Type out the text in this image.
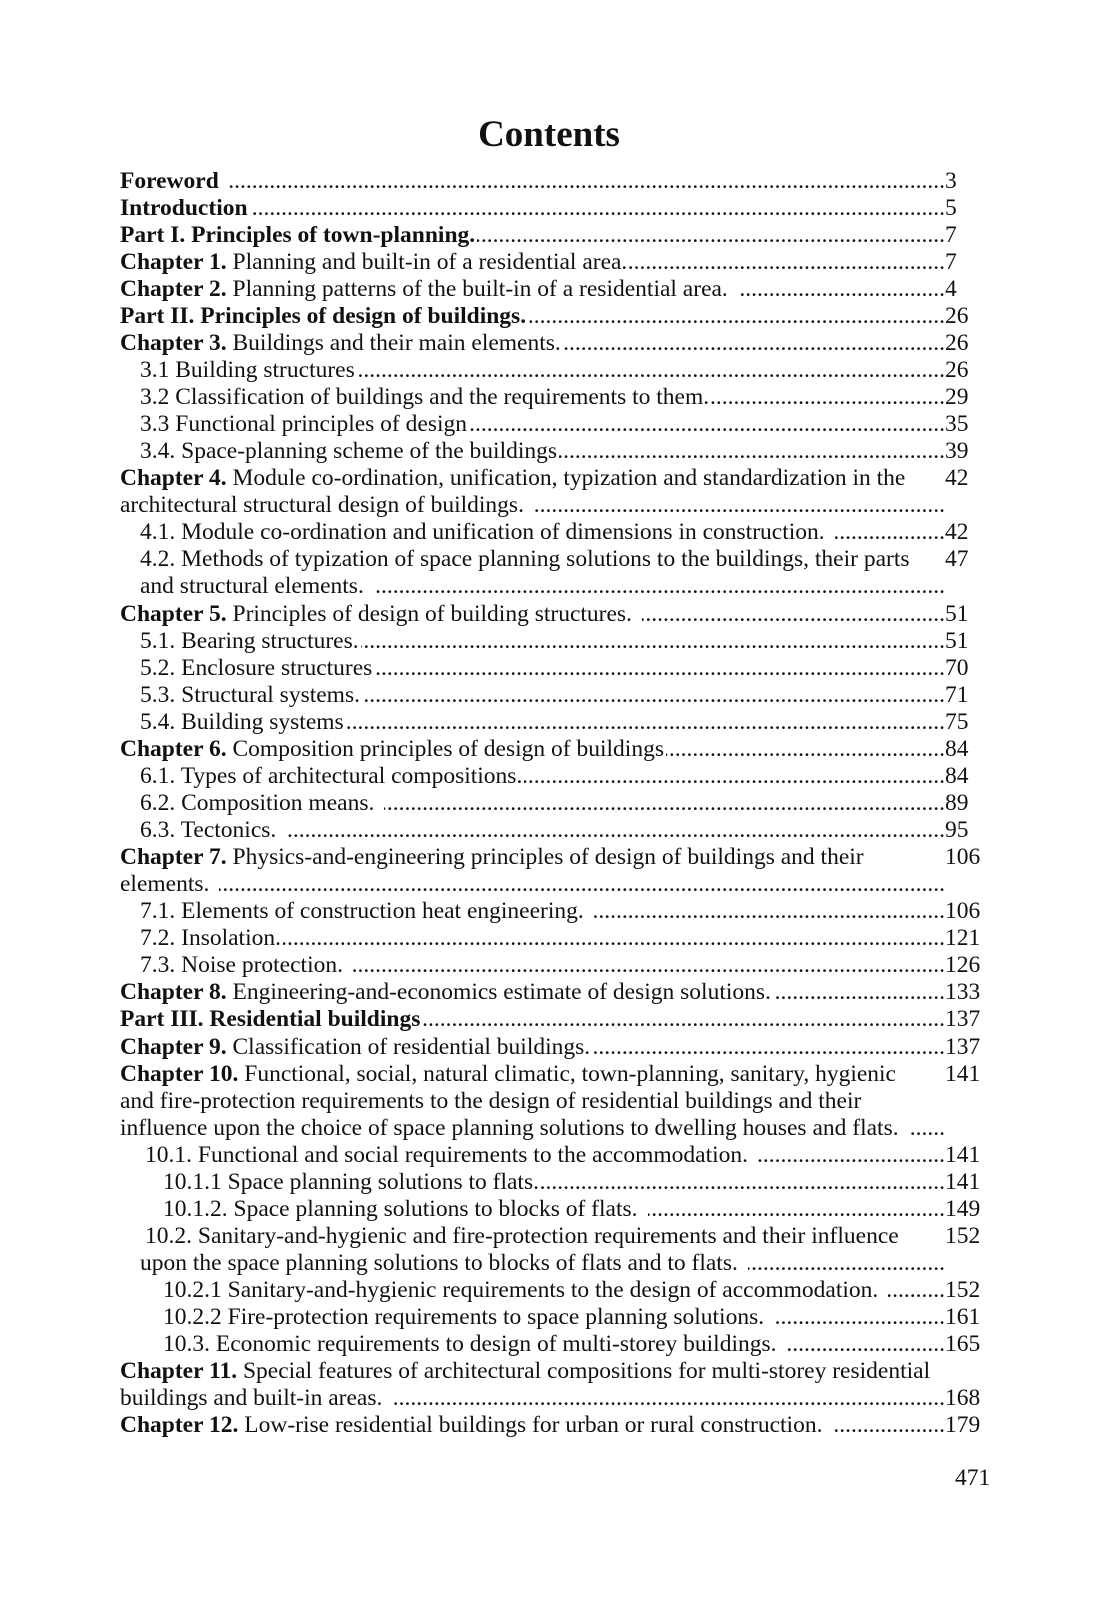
Contents
Foreword .....	3
Introduction .....	5
Part I. Principles of town-planning. .....	7
Chapter 1. Planning and built-in of a residential area. .....	7
Chapter 2. Planning patterns of the built-in of a residential area. .....	4
Part II. Principles of design of buildings. .....	26
Chapter 3. Buildings and their main elements. .....	26
3.1 Building structures .....	26
3.2 Classification of buildings and the requirements to them. .....	29
3.3 Functional principles of design .....	35
3.4. Space-planning scheme of the buildings .....	39
Chapter 4. Module co-ordination, unification, typization and standardization in the 42
architectural structural design of buildings.
.....
4.1. Module co-ordination and unification of dimensions in construction. .....	42
4.2. Methods of typization of space planning solutions to the buildings, their parts 47
and structural elements.
.....
Chapter 5. Principles of design of building structures. .....	51
5.1. Bearing structures. .....	51
5.2. Enclosure structures .....	70
5.3. Structural systems. .....	71
5.4. Building systems .....	75
Chapter 6. Composition principles of design of buildings .....	84
6.1. Types of architectural compositions. .....	84
6.2. Composition means. .....	89
6.3. Tectonics. .....	95
Chapter 7. Physics-and-engineering principles of design of buildings and their	106
elements.
.....
7.1. Elements of construction heat engineering. .....	106
7.2. Insolation. .....	121
7.3. Noise protection. .....	126
Chapter 8. Engineering-and-economics estimate of design solutions. .....	133
Part III. Residential buildings .....	137
Chapter 9. Classification of residential buildings. .....	137
Chapter 10. Functional, social, natural climatic, town-planning, sanitary, hygienic 141
and fire-protection requirements to the design of residential buildings and their
influence upon the choice of space planning solutions to dwelling houses and flats.
.....
10.1. Functional and social requirements to the accommodation. .....	141
10.1.1 Space planning solutions to flats. .....	141
10.1.2. Space planning solutions to blocks of flats. .....	149
10.2. Sanitary-and-hygienic and fire-protection requirements and their influence 152
upon the space planning solutions to blocks of flats and to flats.
.....
10.2.1 Sanitary-and-hygienic requirements to the design of accommodation. .....	152
10.2.2 Fire-protection requirements to space planning solutions. .....	161
10.3. Economic requirements to design of multi-storey buildings. .....	165
Chapter 11. Special features of architectural compositions for multi-storey residential
buildings and built-in areas. .....	168
Chapter 12. Low-rise residential buildings for urban or rural construction. .....	179
471
